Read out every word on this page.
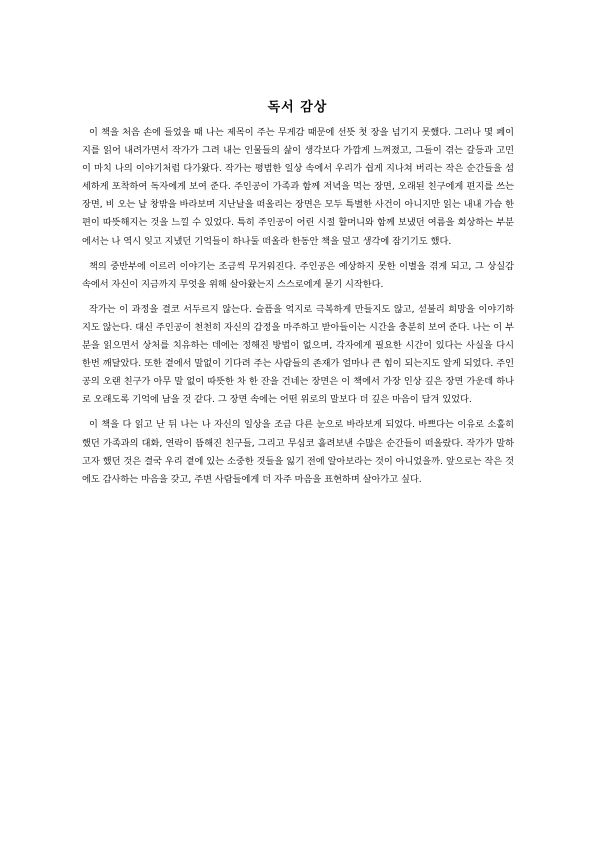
독서 감상

이 책을 처음 손에 들었을 때 나는 제목이 주는 무게감 때문에 선뜻 첫 장을 넘기지 못했다. 그러나 몇 페이지를 읽어 내려가면서 작가가 그려 내는 인물들의 삶이 생각보다 가깝게 느껴졌고, 그들이 겪는 갈등과 고민이 마치 나의 이야기처럼 다가왔다. 작가는 평범한 일상 속에서 우리가 쉽게 지나쳐 버리는 작은 순간들을 섬세하게 포착하여 독자에게 보여 준다. 주인공이 가족과 함께 저녁을 먹는 장면, 오래된 친구에게 편지를 쓰는 장면, 비 오는 날 창밖을 바라보며 지난날을 떠올리는 장면은 모두 특별한 사건이 아니지만 읽는 내내 가슴 한편이 따뜻해지는 것을 느낄 수 있었다. 특히 주인공이 어린 시절 할머니와 함께 보냈던 여름을 회상하는 부분에서는 나 역시 잊고 지냈던 기억들이 하나둘 떠올라 한동안 책을 덮고 생각에 잠기기도 했다.

책의 중반부에 이르러 이야기는 조금씩 무거워진다. 주인공은 예상하지 못한 이별을 겪게 되고, 그 상실감 속에서 자신이 지금까지 무엇을 위해 살아왔는지 스스로에게 묻기 시작한다.

작가는 이 과정을 결코 서두르지 않는다. 슬픔을 억지로 극복하게 만들지도 않고, 섣불리 희망을 이야기하지도 않는다. 대신 주인공이 천천히 자신의 감정을 마주하고 받아들이는 시간을 충분히 보여 준다. 나는 이 부분을 읽으면서 상처를 치유하는 데에는 정해진 방법이 없으며, 각자에게 필요한 시간이 있다는 사실을 다시 한번 깨달았다. 또한 곁에서 말없이 기다려 주는 사람들의 존재가 얼마나 큰 힘이 되는지도 알게 되었다. 주인공의 오랜 친구가 아무 말 없이 따뜻한 차 한 잔을 건네는 장면은 이 책에서 가장 인상 깊은 장면 가운데 하나로 오래도록 기억에 남을 것 같다. 그 장면 속에는 어떤 위로의 말보다 더 깊은 마음이 담겨 있었다.

이 책을 다 읽고 난 뒤 나는 나 자신의 일상을 조금 다른 눈으로 바라보게 되었다. 바쁘다는 이유로 소홀히 했던 가족과의 대화, 연락이 뜸해진 친구들, 그리고 무심코 흘려보낸 수많은 순간들이 떠올랐다. 작가가 말하고자 했던 것은 결국 우리 곁에 있는 소중한 것들을 잃기 전에 알아보라는 것이 아니었을까. 앞으로는 작은 것에도 감사하는 마음을 갖고, 주변 사람들에게 더 자주 마음을 표현하며 살아가고 싶다.
